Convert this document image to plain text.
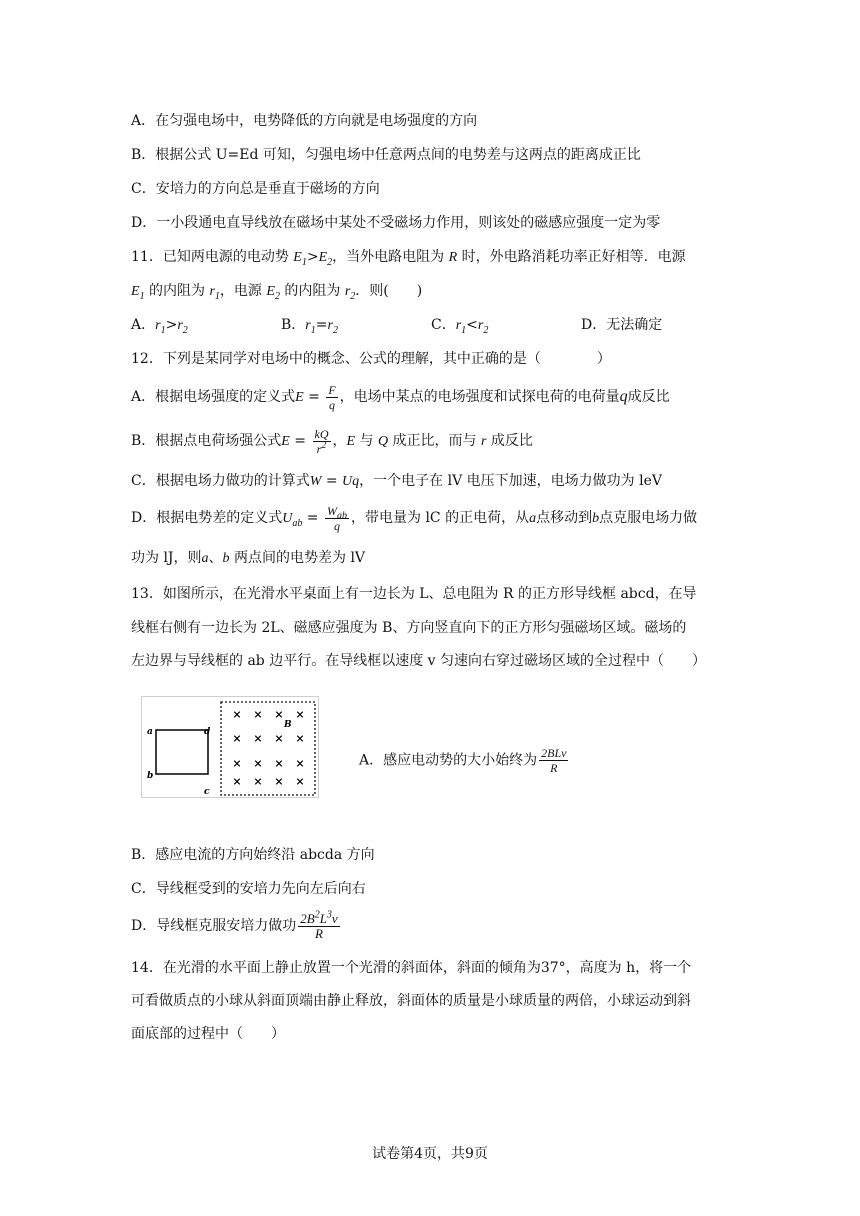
A．在匀强电场中，电势降低的方向就是电场强度的方向
B．根据公式 U=Ed 可知，匀强电场中任意两点间的电势差与这两点的距离成正比
C．安培力的方向总是垂直于磁场的方向
D．一小段通电直导线放在磁场中某处不受磁场力作用，则该处的磁感应强度一定为零
11．已知两电源的电动势 $E_1>E_2$，当外电路电阻为 R 时，外电路消耗功率正好相等．电源
$E_1$ 的内阻为 $r_1$，电源 $E_2$ 的内阻为 $r_2$．则(　　)
A．$r_1>r_2$	B．$r_1=r_2$	C．$r_1<r_2$	D．无法确定
12．下列是某同学对电场中的概念、公式的理解，其中正确的是（　　　　）
A．根据电场强度的定义式$E = \frac{F}{q}$ ，电场中某点的电场强度和试探电荷的电荷量q成反比
B．根据点电荷场强公式$E = \frac{kQ}{r^2}$ ，E 与 Q 成正比，而与 r 成反比
C．根据电场力做功的计算式W = Uq，一个电子在 lV 电压下加速，电场力做功为 leV
D．根据电势差的定义式$U_{ab} = \frac{W_{ab}}{q}$ ，带电量为 lC 的正电荷，从a点移动到b点克服电场力做
功为 lJ，则a、b 两点间的电势差为 lV
13．如图所示，在光滑水平桌面上有一边长为 L、总电阻为 R 的正方形导线框 abcd，在导
线框右侧有一边长为 2L、磁感应强度为 B、方向竖直向下的正方形匀强磁场区域。磁场的
左边界与导线框的 ab 边平行。在导线框以速度 v 匀速向右穿过磁场区域的全过程中（　　）
a
b
c
d
B
× × × ×
× × × ×
× × × ×
× × × ×
A．感应电动势的大小始终为 $\frac{\text{2BLv}}{R}$
B．感应电流的方向始终沿 abcda 方向
C．导线框受到的安培力先向左后向右
D．导线框克服安培力做功 $\frac{2B^2L^3v}{R}$
14．在光滑的水平面上静止放置一个光滑的斜面体，斜面的倾角为37°，高度为 h，将一个
可看做质点的小球从斜面顶端由静止释放，斜面体的质量是小球质量的两倍，小球运动到斜
面底部的过程中（　　）
试卷第4页，共9页
